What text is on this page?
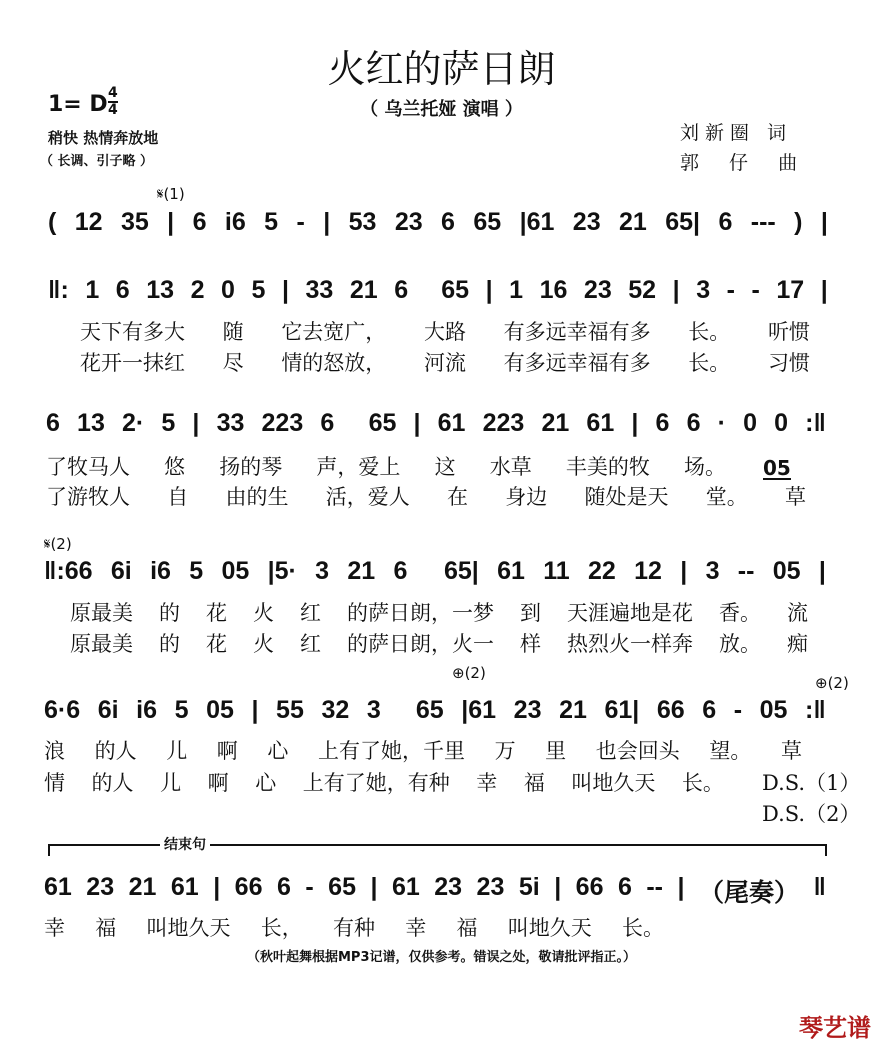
火红的萨日朗
（ 乌兰托娅 演唱 ）
1= D 4
4
稍快 热情奔放地
（ 长调、引子略 ）
刘新圈 词
郭 仔 曲
𝄋(1)
( 12 35 | 6 i6 5 - | 53 23 6 65 |61 23 21 65| 6 --- ) |
‖: 1 6 13 2 0 5 | 33 21 6 65 | 1 16 23 52 | 3 - - 17 |
天下有多大 随 它去宽广， 大路 有多远幸福有多 长。 听惯
花开一抹红 尽 情的怒放， 河流 有多远幸福有多 长。 习惯
6 13 2· 5 | 33 223 6 65 | 61 223 21 61 | 6 6 · 0 0 :‖
了牧马人 悠 扬的琴 声，爱上 这 水草 丰美的牧 场。 05
了游牧人 自 由的生 活，爱人 在 身边 随处是天 堂。 草
𝄋(2)
‖:66 6i i6 5 05 |5· 3 21 6 65| 61 11 22 12 | 3 -- 05 |
原最美 的 花 火 红 的萨日朗，一梦 到 天涯遍地是花 香。 流
原最美 的 花 火 红 的萨日朗，火一 样 热烈火一样奔 放。 痴
⊕(2)
⊕(2)
6·6 6i i6 5 05 | 55 32 3 65 |61 23 21 61| 66 6 - 05 :‖
浪 的人 儿 啊 心 上有了她，千里 万 里 也会回头 望。 草
情 的人 儿 啊 心 上有了她，有种 幸 福 叫地久天 长。 D.S.（1）
D.S.（2）
结束句
61 23 21 61 | 66 6 - 65 | 61 23 23 5i | 66 6 -- | （尾奏） ‖
幸 福 叫地久天 长， 有种 幸 福 叫地久天 长。
（秋叶起舞根据MP3记谱，仅供参考。错误之处，敬请批评指正。）
琴艺谱
